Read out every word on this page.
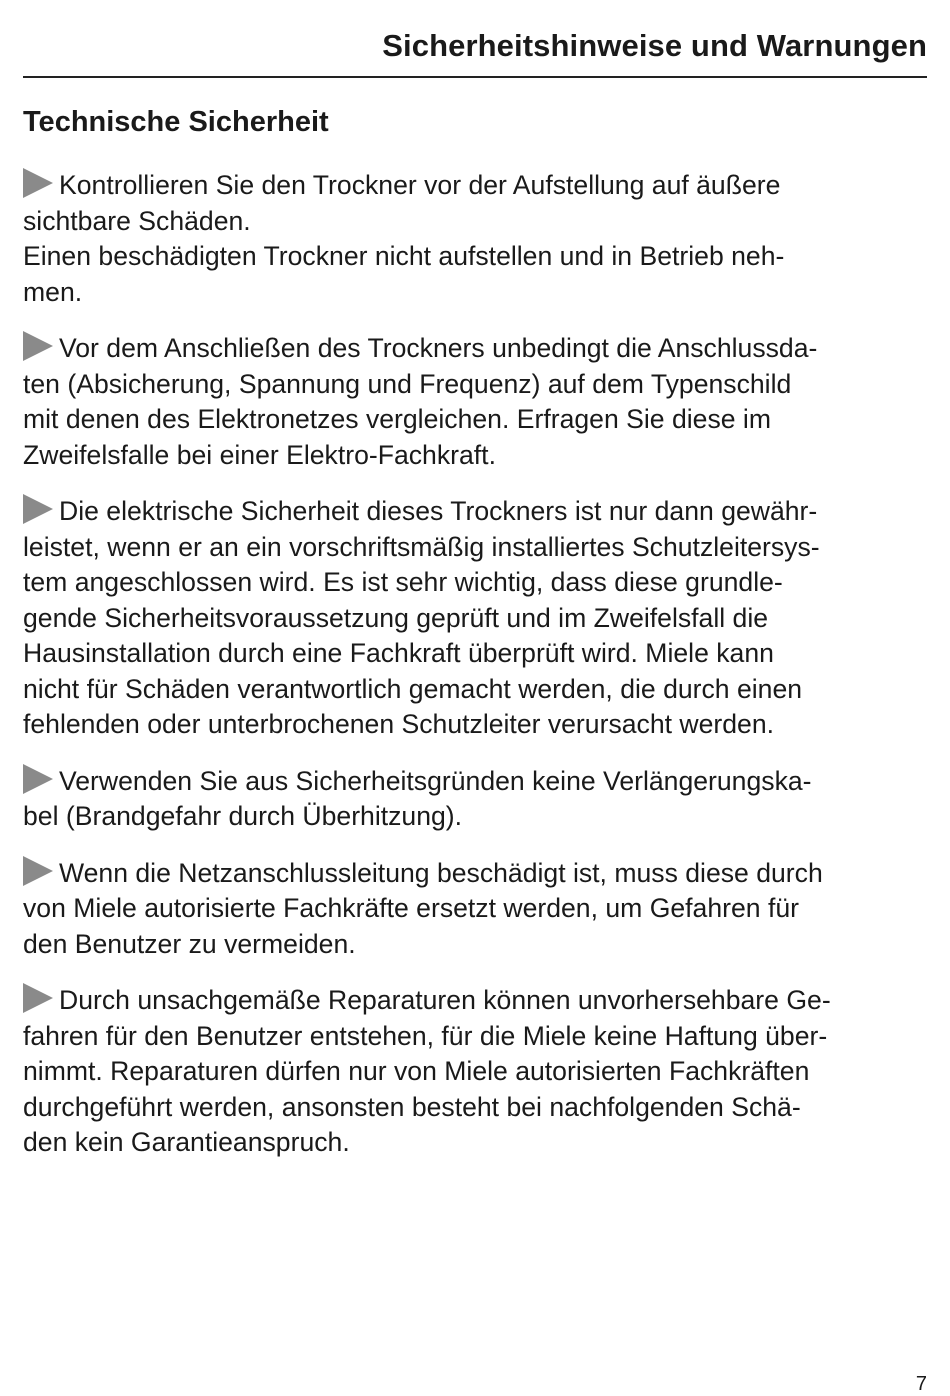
Sicherheitshinweise und Warnungen
Technische Sicherheit
Kontrollieren Sie den Trockner vor der Aufstellung auf äußere
sichtbare Schäden.
Einen beschädigten Trockner nicht aufstellen und in Betrieb neh-
men.
Vor dem Anschließen des Trockners unbedingt die Anschlussda-
ten (Absicherung, Spannung und Frequenz) auf dem Typenschild
mit denen des Elektronetzes vergleichen. Erfragen Sie diese im
Zweifelsfalle bei einer Elektro-Fachkraft.
Die elektrische Sicherheit dieses Trockners ist nur dann gewähr-
leistet, wenn er an ein vorschriftsmäßig installiertes Schutzleitersys-
tem angeschlossen wird. Es ist sehr wichtig, dass diese grundle-
gende Sicherheitsvoraussetzung geprüft und im Zweifelsfall die
Hausinstallation durch eine Fachkraft überprüft wird. Miele kann
nicht für Schäden verantwortlich gemacht werden, die durch einen
fehlenden oder unterbrochenen Schutzleiter verursacht werden.
Verwenden Sie aus Sicherheitsgründen keine Verlängerungska-
bel (Brandgefahr durch Überhitzung).
Wenn die Netzanschlussleitung beschädigt ist, muss diese durch
von Miele autorisierte Fachkräfte ersetzt werden, um Gefahren für
den Benutzer zu vermeiden.
Durch unsachgemäße Reparaturen können unvorhersehbare Ge-
fahren für den Benutzer entstehen, für die Miele keine Haftung über-
nimmt. Reparaturen dürfen nur von Miele autorisierten Fachkräften
durchgeführt werden, ansonsten besteht bei nachfolgenden Schä-
den kein Garantieanspruch.
7
